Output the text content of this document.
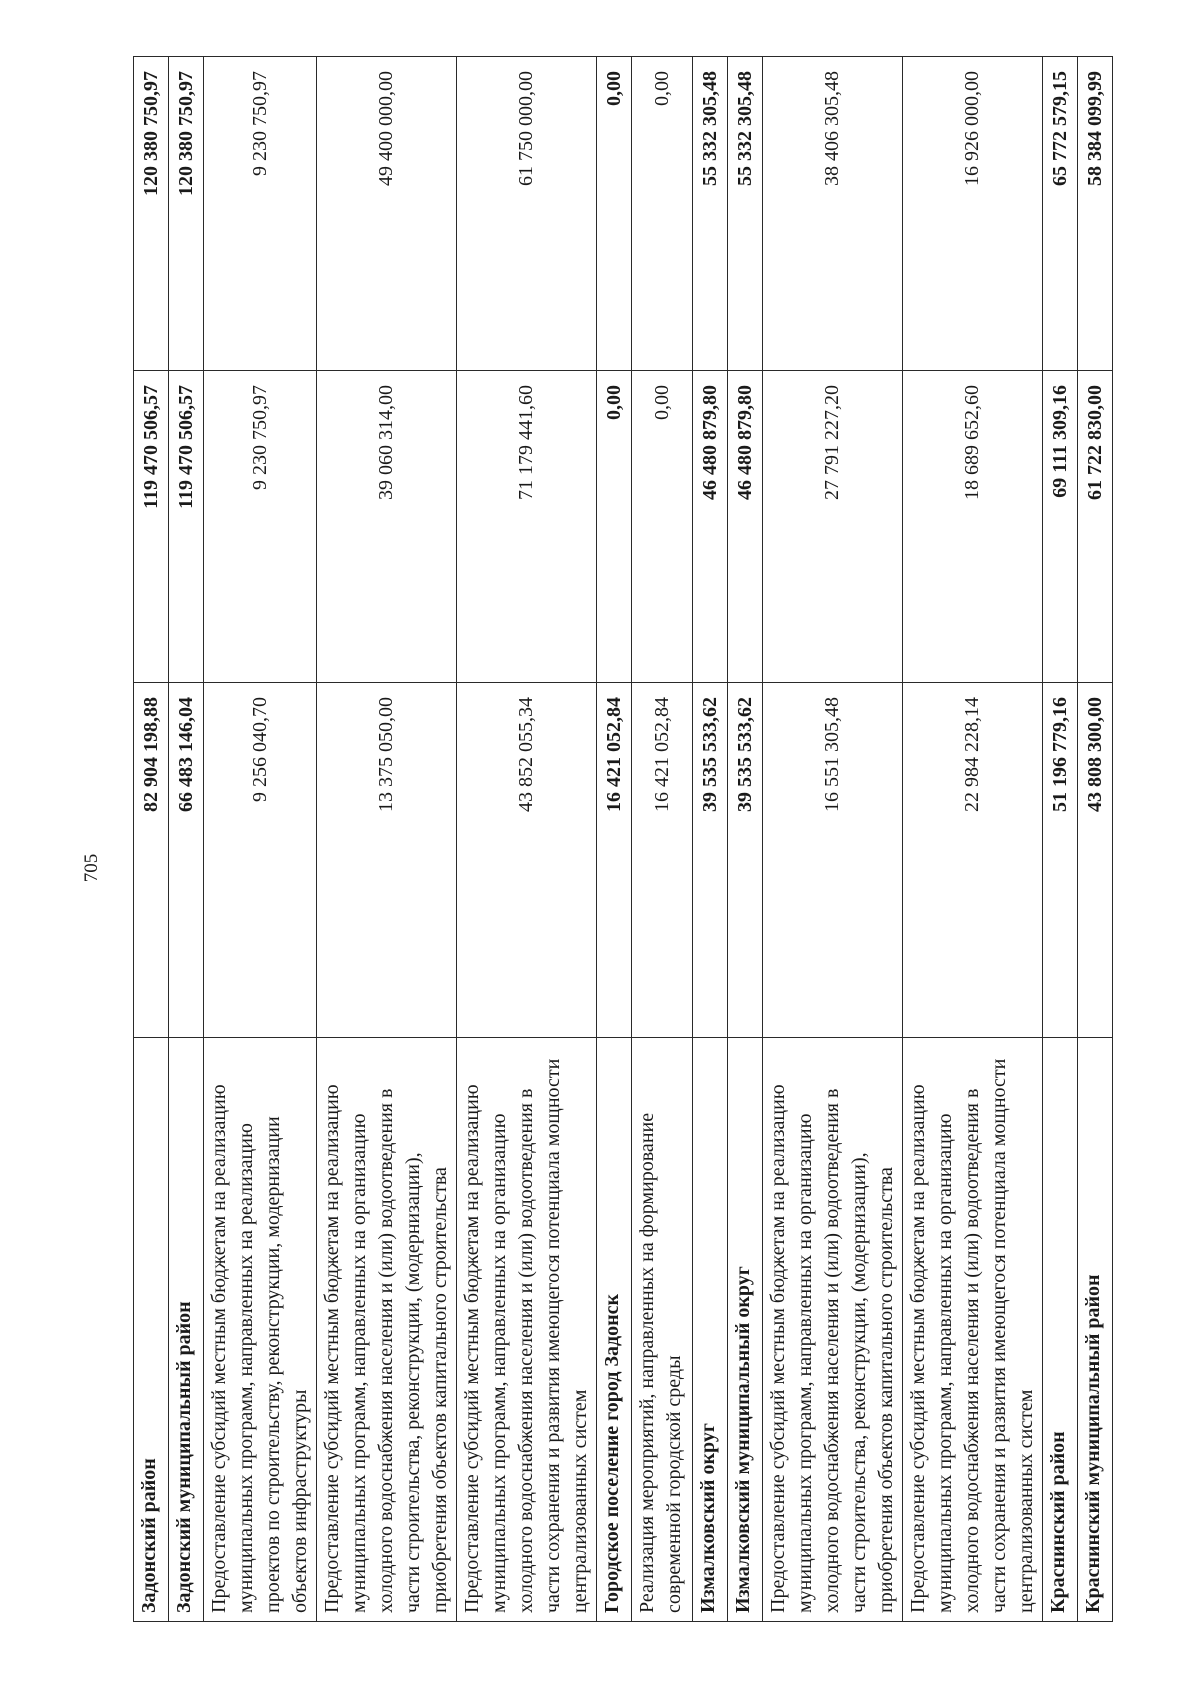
705
Задонский район	82 904 198,88	119 470 506,57	120 380 750,97
Задонский муниципальный район	66 483 146,04	119 470 506,57	120 380 750,97
Предоставление субсидий местным бюджетам на реализацию муниципальных программ, направленных на реализацию проектов по строительству, реконструкции, модернизации объектов инфраструктуры	9 256 040,70	9 230 750,97	9 230 750,97
Предоставление субсидий местным бюджетам на реализацию муниципальных программ, направленных на организацию холодного водоснабжения населения и (или) водоотведения в части строительства, реконструкции, (модернизации), приобретения объектов капитального строительства	13 375 050,00	39 060 314,00	49 400 000,00
Предоставление субсидий местным бюджетам на реализацию муниципальных программ, направленных на организацию холодного водоснабжения населения и (или) водоотведения в части сохранения и развития имеющегося потенциала мощности централизованных систем	43 852 055,34	71 179 441,60	61 750 000,00
Городское поселение город Задонск	16 421 052,84	0,00	0,00
Реализация мероприятий, направленных на формирование современной городской среды	16 421 052,84	0,00	0,00
Измалковский округ	39 535 533,62	46 480 879,80	55 332 305,48
Измалковский муниципальный округ	39 535 533,62	46 480 879,80	55 332 305,48
Предоставление субсидий местным бюджетам на реализацию муниципальных программ, направленных на организацию холодного водоснабжения населения и (или) водоотведения в части строительства, реконструкции, (модернизации), приобретения объектов капитального строительства	16 551 305,48	27 791 227,20	38 406 305,48
Предоставление субсидий местным бюджетам на реализацию муниципальных программ, направленных на организацию холодного водоснабжения населения и (или) водоотведения в части сохранения и развития имеющегося потенциала мощности централизованных систем	22 984 228,14	18 689 652,60	16 926 000,00
Краснинский район	51 196 779,16	69 111 309,16	65 772 579,15
Краснинский муниципальный район	43 808 300,00	61 722 830,00	58 384 099,99
